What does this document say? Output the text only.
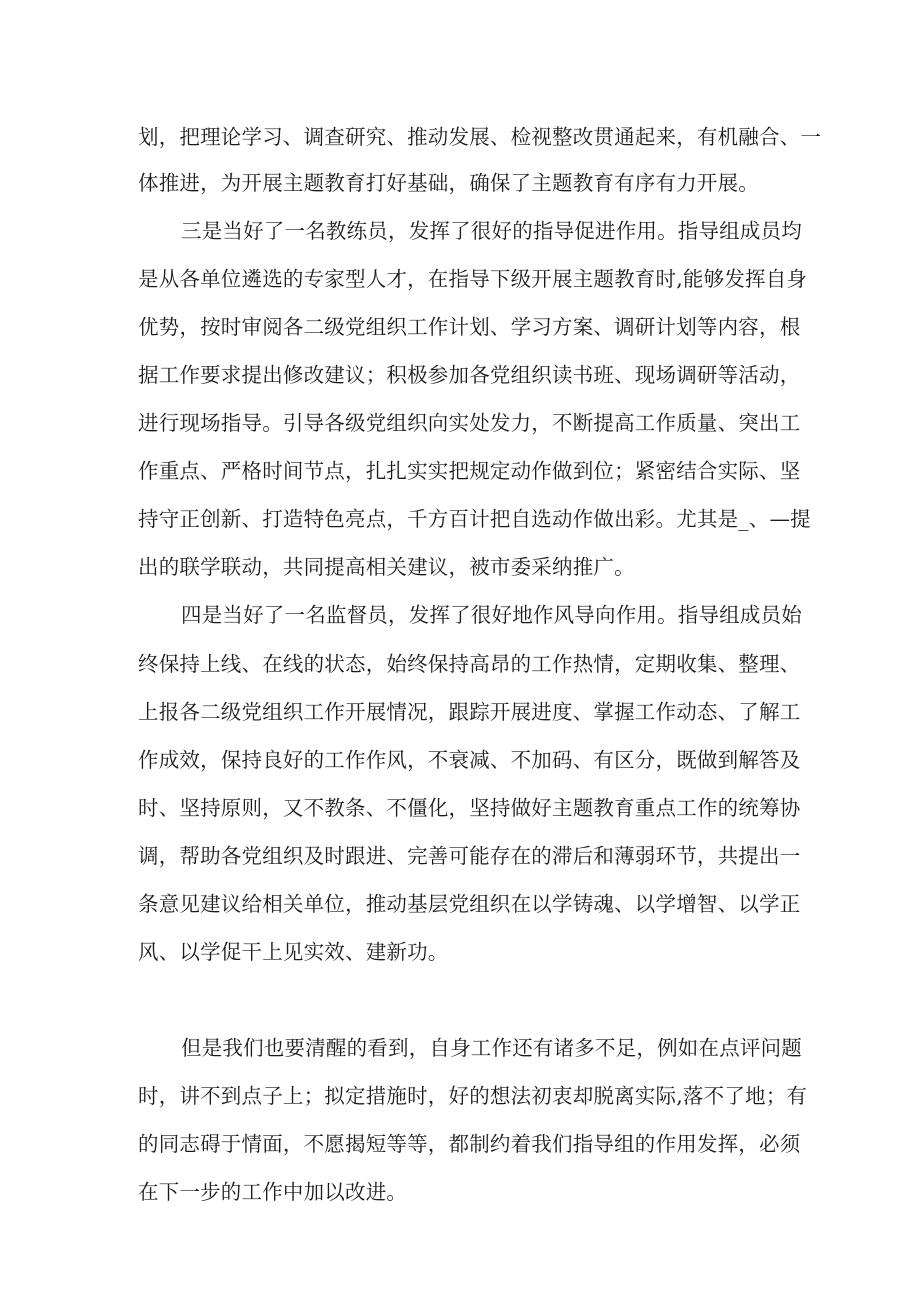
划，把理论学习、调查研究、推动发展、检视整改贯通起来，有机融合、一
体推进，为开展主题教育打好基础，确保了主题教育有序有力开展。
三是当好了一名教练员，发挥了很好的指导促进作用。指导组成员均
是从各单位遴选的专家型人才，在指导下级开展主题教育时,能够发挥自身
优势，按时审阅各二级党组织工作计划、学习方案、调研计划等内容，根
据工作要求提出修改建议；积极参加各党组织读书班、现场调研等活动，
进行现场指导。引导各级党组织向实处发力，不断提高工作质量、突出工
作重点、严格时间节点，扎扎实实把规定动作做到位；紧密结合实际、坚
持守正创新、打造特色亮点，千方百计把自选动作做出彩。尤其是_、—提
出的联学联动，共同提高相关建议，被市委采纳推广。
四是当好了一名监督员，发挥了很好地作风导向作用。指导组成员始
终保持上线、在线的状态，始终保持高昂的工作热情，定期收集、整理、
上报各二级党组织工作开展情况，跟踪开展进度、掌握工作动态、了解工
作成效，保持良好的工作作风，不衰减、不加码、有区分，既做到解答及
时、坚持原则，又不教条、不僵化，坚持做好主题教育重点工作的统筹协
调，帮助各党组织及时跟进、完善可能存在的滞后和薄弱环节，共提出一
条意见建议给相关单位，推动基层党组织在以学铸魂、以学增智、以学正
风、以学促干上见实效、建新功。
但是我们也要清醒的看到，自身工作还有诸多不足，例如在点评问题
时，讲不到点子上；拟定措施时，好的想法初衷却脱离实际,落不了地；有
的同志碍于情面，不愿揭短等等，都制约着我们指导组的作用发挥，必须
在下一步的工作中加以改进。
